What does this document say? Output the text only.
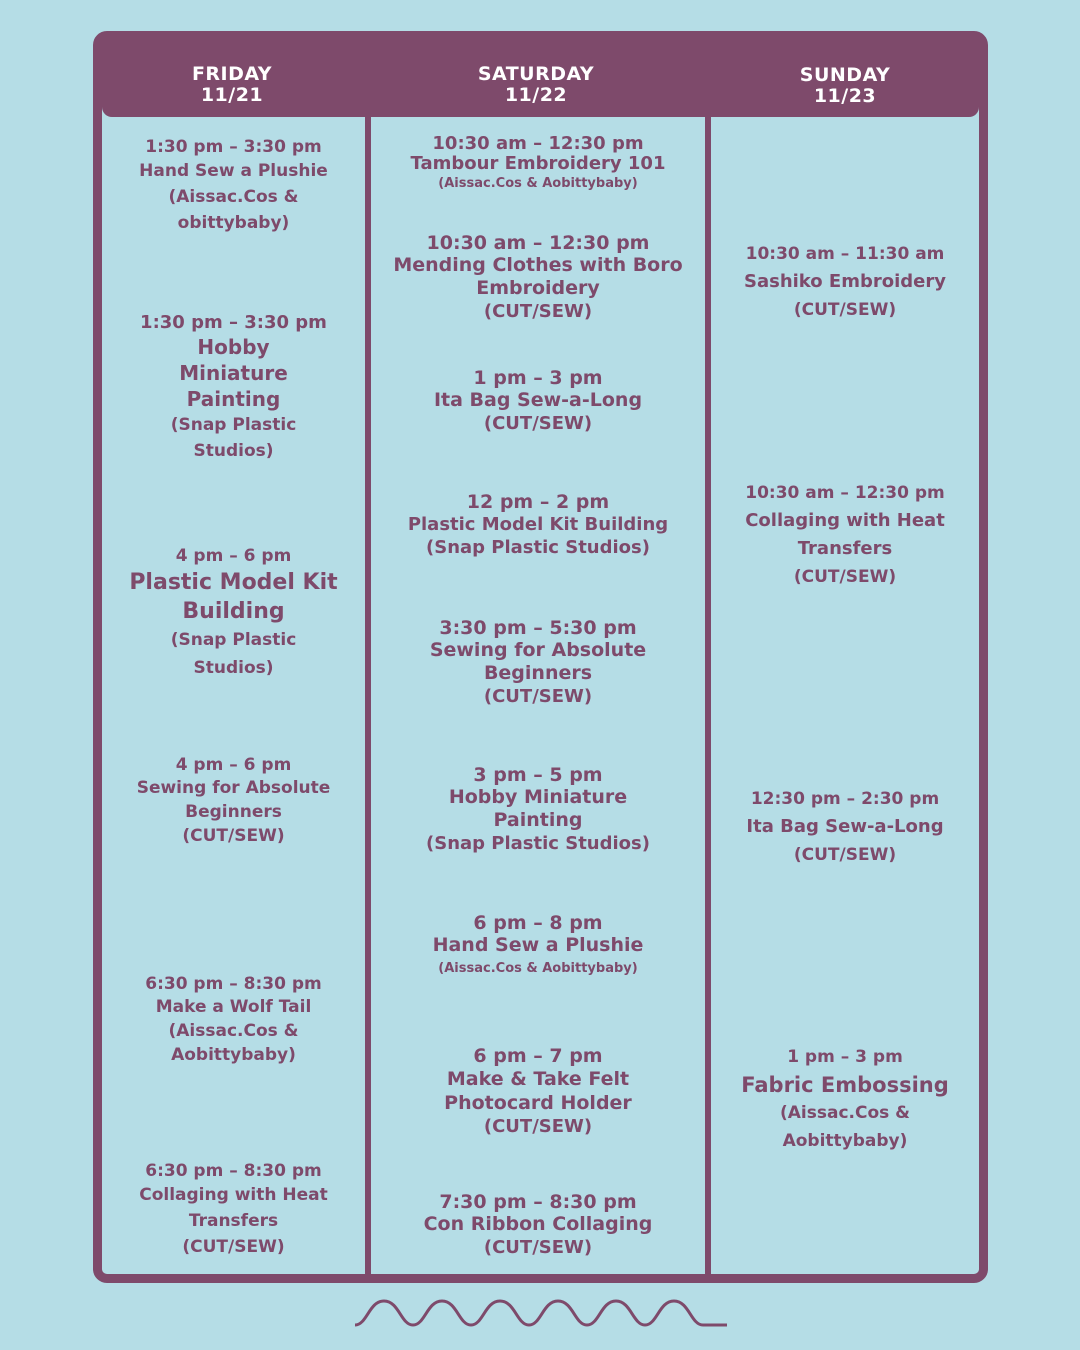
FRIDAY
11/21
SATURDAY
11/22
SUNDAY
11/23
1:30 pm – 3:30 pm
Hand Sew a Plushie
(Aissac.Cos & obittybaby)
1:30 pm – 3:30 pm
Hobby Miniature Painting
(Snap Plastic Studios)
4 pm – 6 pm
Plastic Model Kit Building
(Snap Plastic Studios)
4 pm – 6 pm
Sewing for Absolute Beginners
(CUT/SEW)
6:30 pm – 8:30 pm
Make a Wolf Tail
(Aissac.Cos & Aobittybaby)
6:30 pm – 8:30 pm
Collaging with Heat Transfers
(CUT/SEW)
10:30 am – 12:30 pm
Tambour Embroidery 101
(Aissac.Cos & Aobittybaby)
10:30 am – 12:30 pm
Mending Clothes with Boro Embroidery
(CUT/SEW)
1 pm – 3 pm
Ita Bag Sew-a-Long
(CUT/SEW)
12 pm – 2 pm
Plastic Model Kit Building
(Snap Plastic Studios)
3:30 pm – 5:30 pm
Sewing for Absolute Beginners
(CUT/SEW)
3 pm – 5 pm
Hobby Miniature Painting
(Snap Plastic Studios)
6 pm – 8 pm
Hand Sew a Plushie
(Aissac.Cos & Aobittybaby)
6 pm – 7 pm
Make & Take Felt Photocard Holder
(CUT/SEW)
7:30 pm – 8:30 pm
Con Ribbon Collaging
(CUT/SEW)
10:30 am – 11:30 am
Sashiko Embroidery
(CUT/SEW)
10:30 am – 12:30 pm
Collaging with Heat Transfers
(CUT/SEW)
12:30 pm – 2:30 pm
Ita Bag Sew-a-Long
(CUT/SEW)
1 pm – 3 pm
Fabric Embossing
(Aissac.Cos & Aobittybaby)
